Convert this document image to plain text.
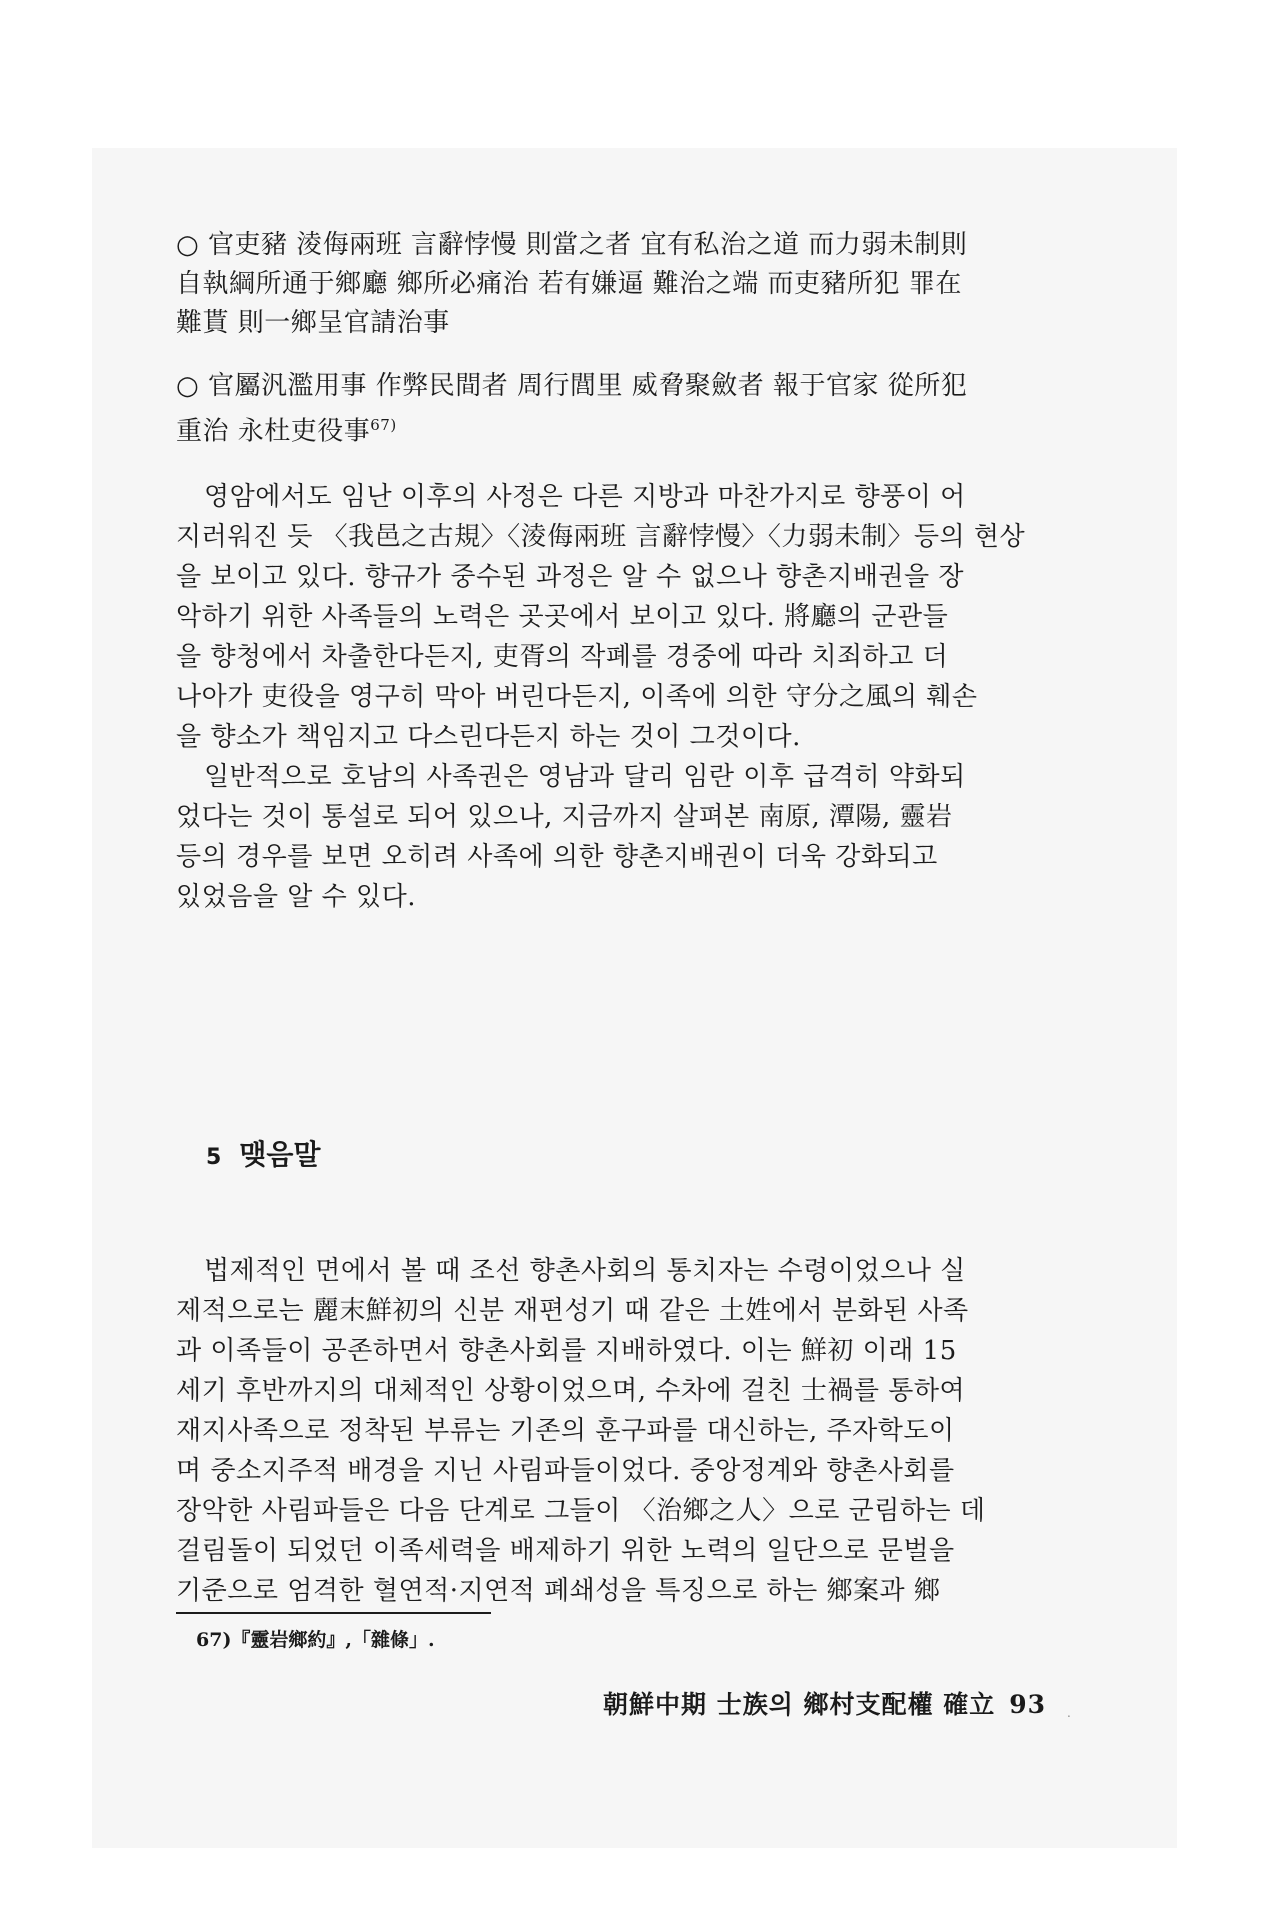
○ 官吏豬 淩侮兩班 言辭悖慢 則當之者 宜有私治之道 而力弱未制則
自執綱所通于鄉廳 鄉所必痛治 若有嫌逼 難治之端 而吏豬所犯 罪在
難貰 則一鄉呈官請治事
○ 官屬汎濫用事 作弊民間者 周行閭里 威脅聚斂者 報于官家 從所犯
重治 永杜吏役事$^{67)}$
영암에서도 임난 이후의 사정은 다른 지방과 마찬가지로 향풍이 어
지러워진 듯 〈我邑之古規〉〈淩侮兩班 言辭悖慢〉〈力弱未制〉등의 현상
을 보이고 있다. 향규가 중수된 과정은 알 수 없으나 향촌지배권을 장
악하기 위한 사족들의 노력은 곳곳에서 보이고 있다. 將廳의 군관들
을 향청에서 차출한다든지, 吏胥의 작폐를 경중에 따라 치죄하고 더
나아가 吏役을 영구히 막아 버린다든지, 이족에 의한 守分之風의 훼손
을 향소가 책임지고 다스린다든지 하는 것이 그것이다.
일반적으로 호남의 사족권은 영남과 달리 임란 이후 급격히 약화되
었다는 것이 통설로 되어 있으나, 지금까지 살펴본 南原, 潭陽, 靈岩
등의 경우를 보면 오히려 사족에 의한 향촌지배권이 더욱 강화되고
있었음을 알 수 있다.
5 맺음말
법제적인 면에서 볼 때 조선 향촌사회의 통치자는 수령이었으나 실
제적으로는 麗末鮮初의 신분 재편성기 때 같은 土姓에서 분화된 사족
과 이족들이 공존하면서 향촌사회를 지배하였다. 이는 鮮初 이래 15
세기 후반까지의 대체적인 상황이었으며, 수차에 걸친 士禍를 통하여
재지사족으로 정착된 부류는 기존의 훈구파를 대신하는, 주자학도이
며 중소지주적 배경을 지닌 사림파들이었다. 중앙정계와 향촌사회를
장악한 사림파들은 다음 단계로 그들이 〈治鄉之人〉으로 군림하는 데
걸림돌이 되었던 이족세력을 배제하기 위한 노력의 일단으로 문벌을
기준으로 엄격한 혈연적·지연적 폐쇄성을 특징으로 하는 鄉案과 鄉
67)『靈岩鄉約』,「雜條」.
朝鮮中期 士族의 鄉村支配權 確立 93 .
